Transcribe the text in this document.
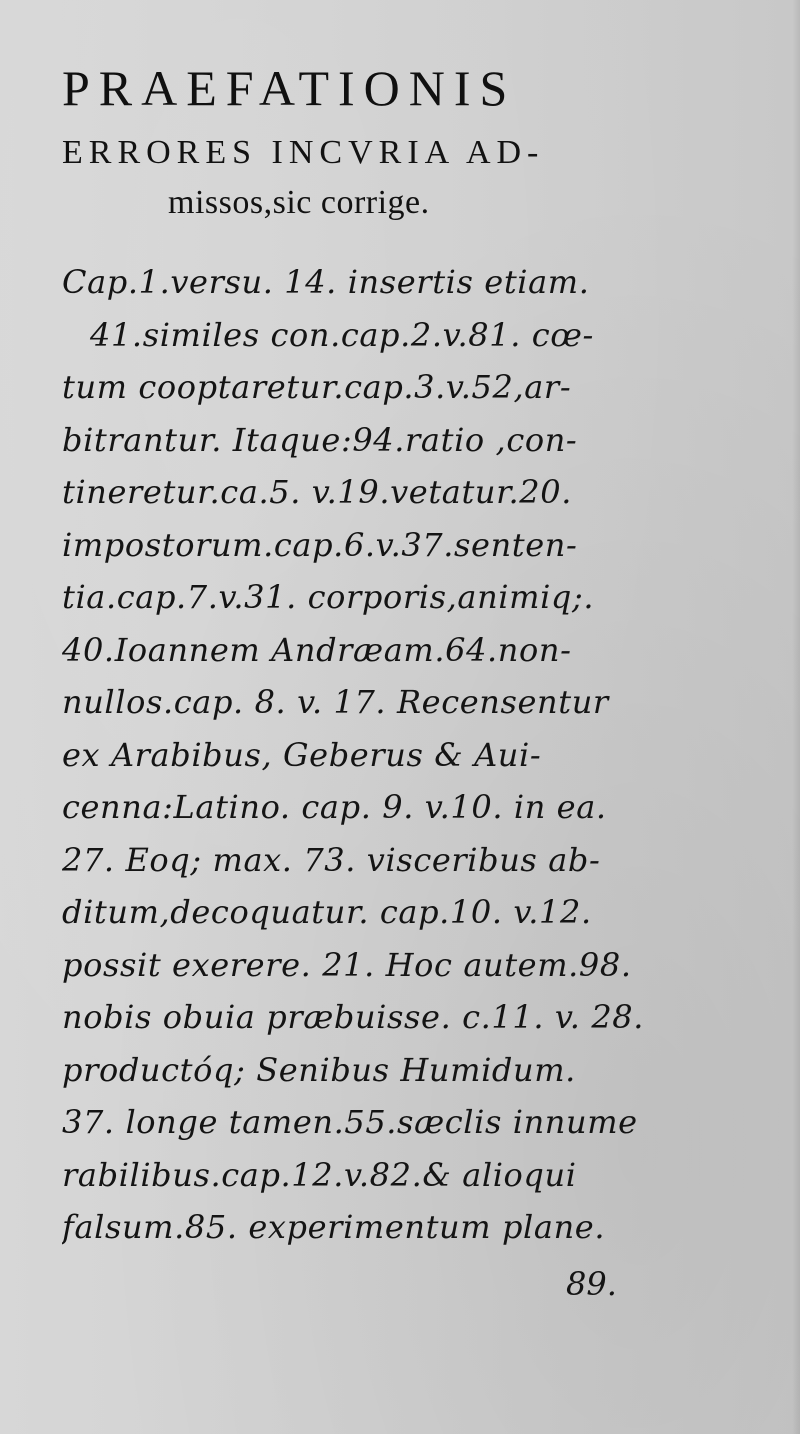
PRAEFATIONIS

ERRORES INCVRIA AD-

missos,sic corrige.

Cap.1.versu. 14. insertis etiam.
41.similes con.cap.2.v.81. cœ-
tum cooptaretur.cap.3.v.52,ar-
bitrantur. Itaque:94.ratio ,con-
tineretur.ca.5. v.19.vetatur.20.
impostorum.cap.6.v.37.senten-
tia.cap.7.v.31. corporis,animiq;.
40.Ioannem Andræam.64.non-
nullos.cap. 8. v. 17. Recensentur
ex Arabibus, Geberus & Aui-
cenna:Latino. cap. 9. v.10. in ea.
27. Eoq; max. 73. visceribus ab-
ditum,decoquatur. cap.10. v.12.
possit exerere. 21. Hoc autem.98.
nobis obuia præbuisse. c.11. v. 28.
productóq; Senibus Humidum.
37. longe tamen.55.sæclis innume
rabilibus.cap.12.v.82.& alioqui
falsum.85. experimentum plane.
89.
